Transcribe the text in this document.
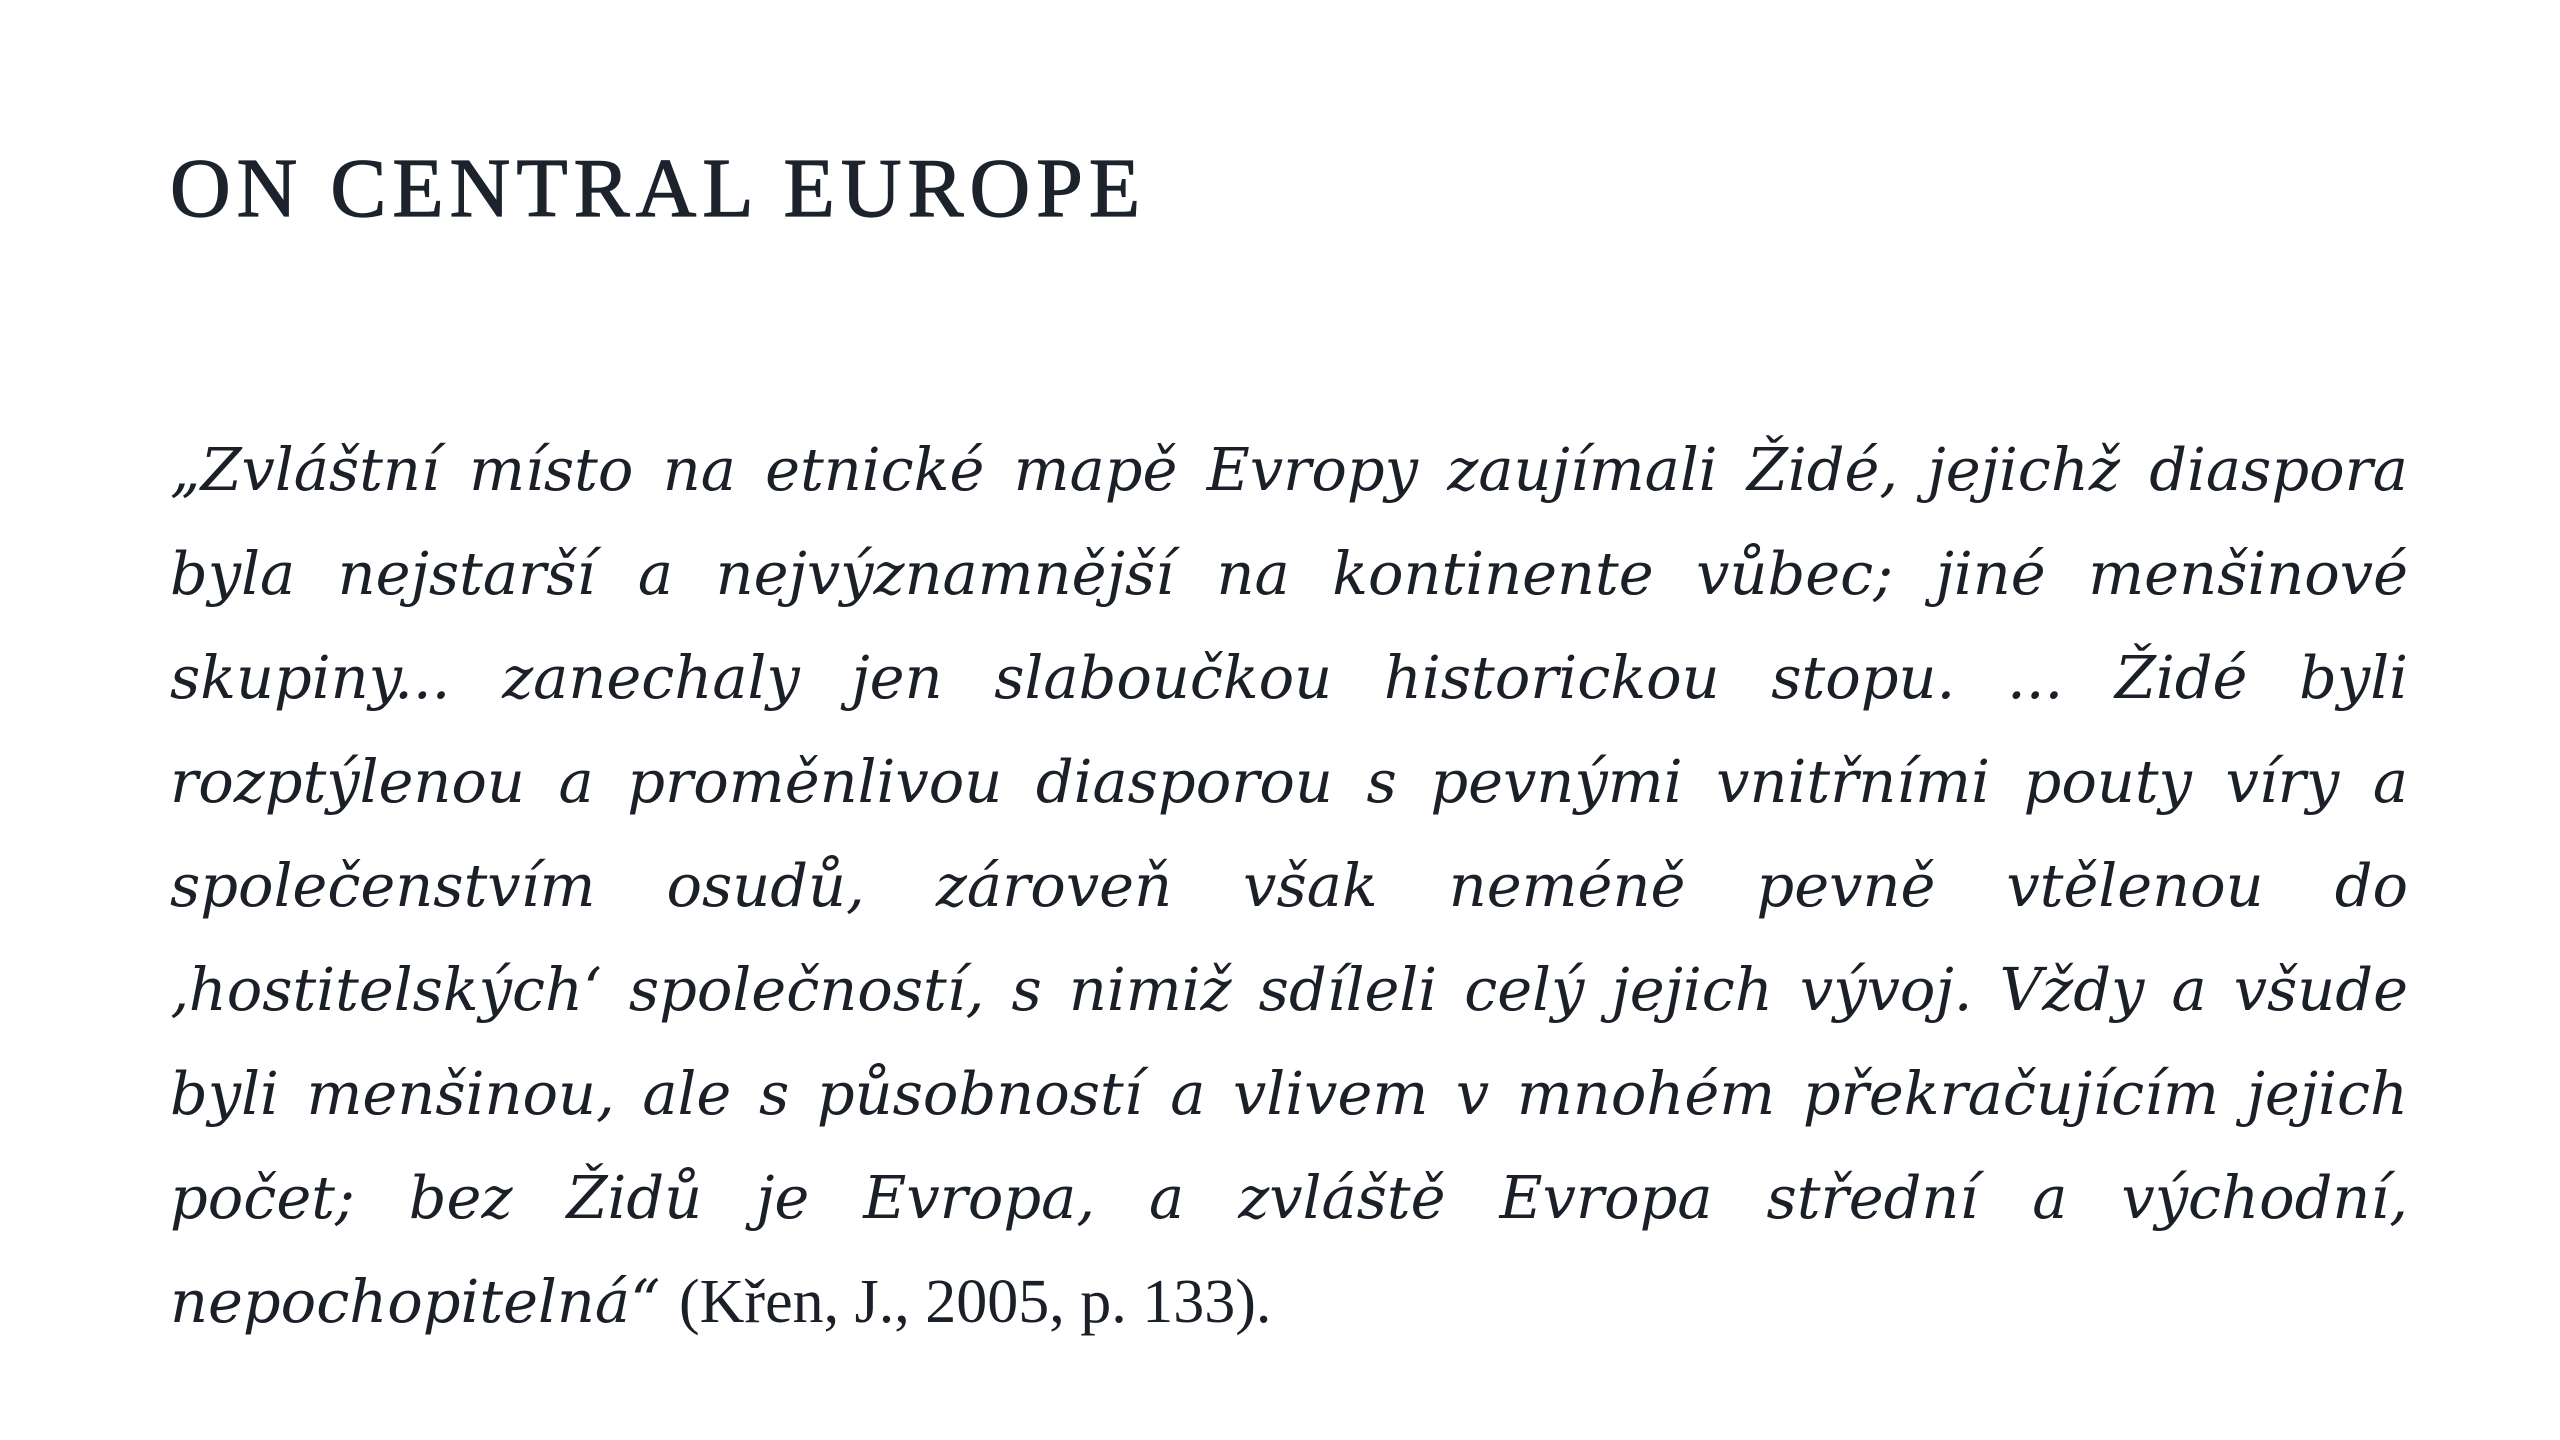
ON CENTRAL EUROPE

„Zvláštní místo na etnické mapě Evropy zaujímali Židé, jejichž diaspora byla nejstarší a nejvýznamnější na kontinente vůbec; jiné menšinové skupiny... zanechaly jen slaboučkou historickou stopu. ... Židé byli rozptýlenou a proměnlivou diasporou s pevnými vnitřními pouty víry a společenstvím osudů, zároveň však neméně pevně vtělenou do ‚hostitelských‘ společností, s nimiž sdíleli celý jejich vývoj. Vždy a všude byli menšinou, ale s působností a vlivem v mnohém překračujícím jejich počet; bez Židů je Evropa, a zvláště Evropa střední a východní, nepochopitelná“ (Křen, J., 2005, p. 133).
